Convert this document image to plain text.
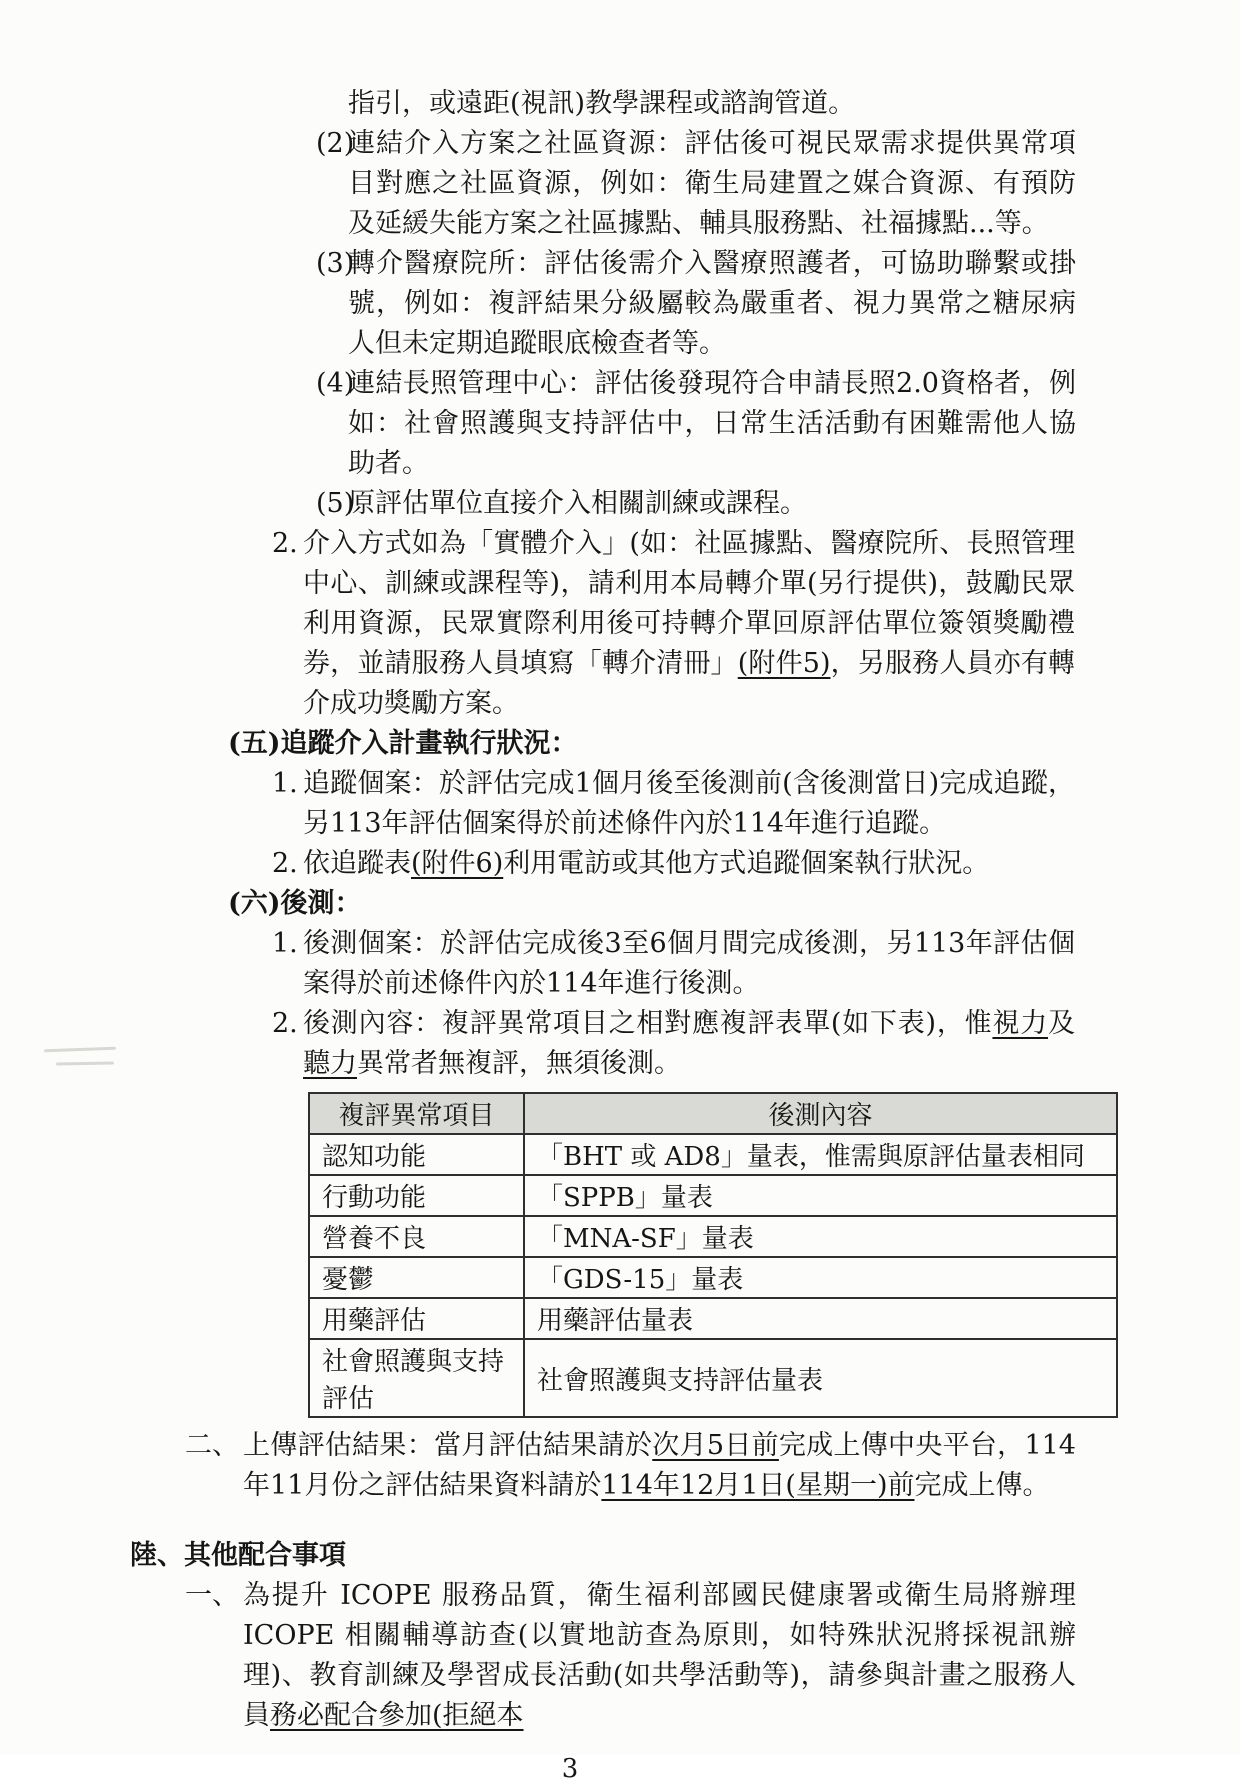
指引，或遠距(視訊)教學課程或諮詢管道。
(2)
連結介入方案之社區資源：評估後可視民眾需求提供異常項目對應之社區資源，例如：衛生局建置之媒合資源、有預防及延緩失能方案之社區據點、輔具服務點、社福據點...等。
(3)
轉介醫療院所：評估後需介入醫療照護者，可協助聯繫或掛號，例如：複評結果分級屬較為嚴重者、視力異常之糖尿病人但未定期追蹤眼底檢查者等。
(4)
連結長照管理中心：評估後發現符合申請長照2.0資格者，例如：社會照護與支持評估中，日常生活活動有困難需他人協助者。
(5)
原評估單位直接介入相關訓練或課程。
2. 介入方式如為「實體介入」(如：社區據點、醫療院所、長照管理中心、訓練或課程等)，請利用本局轉介單(另行提供)，鼓勵民眾利用資源，民眾實際利用後可持轉介單回原評估單位簽領獎勵禮券，並請服務人員填寫「轉介清冊」(附件5)，另服務人員亦有轉介成功獎勵方案。
(五)追蹤介入計畫執行狀況：
1. 追蹤個案：於評估完成1個月後至後測前(含後測當日)完成追蹤，另113年評估個案得於前述條件內於114年進行追蹤。
2. 依追蹤表(附件6)利用電訪或其他方式追蹤個案執行狀況。
(六)後測：
1. 後測個案：於評估完成後3至6個月間完成後測，另113年評估個案得於前述條件內於114年進行後測。
2. 後測內容：複評異常項目之相對應複評表單(如下表)，惟視力及聽力異常者無複評，無須後測。
複評異常項目	後測內容
認知功能	「BHT 或 AD8」量表，惟需與原評估量表相同
行動功能	「SPPB」量表
營養不良	「MNA-SF」量表
憂鬱	「GDS-15」量表
用藥評估	用藥評估量表
社會照護與支持評估	社會照護與支持評估量表
二、 上傳評估結果：當月評估結果請於次月5日前完成上傳中央平台，114年11月份之評估結果資料請於114年12月1日(星期一)前完成上傳。
陸、其他配合事項
一、 為提升 ICOPE 服務品質，衛生福利部國民健康署或衛生局將辦理 ICOPE 相關輔導訪查(以實地訪查為原則，如特殊狀況將採視訊辦理)、教育訓練及學習成長活動(如共學活動等)，請參與計畫之服務人員務必配合參加(拒絕本
3
